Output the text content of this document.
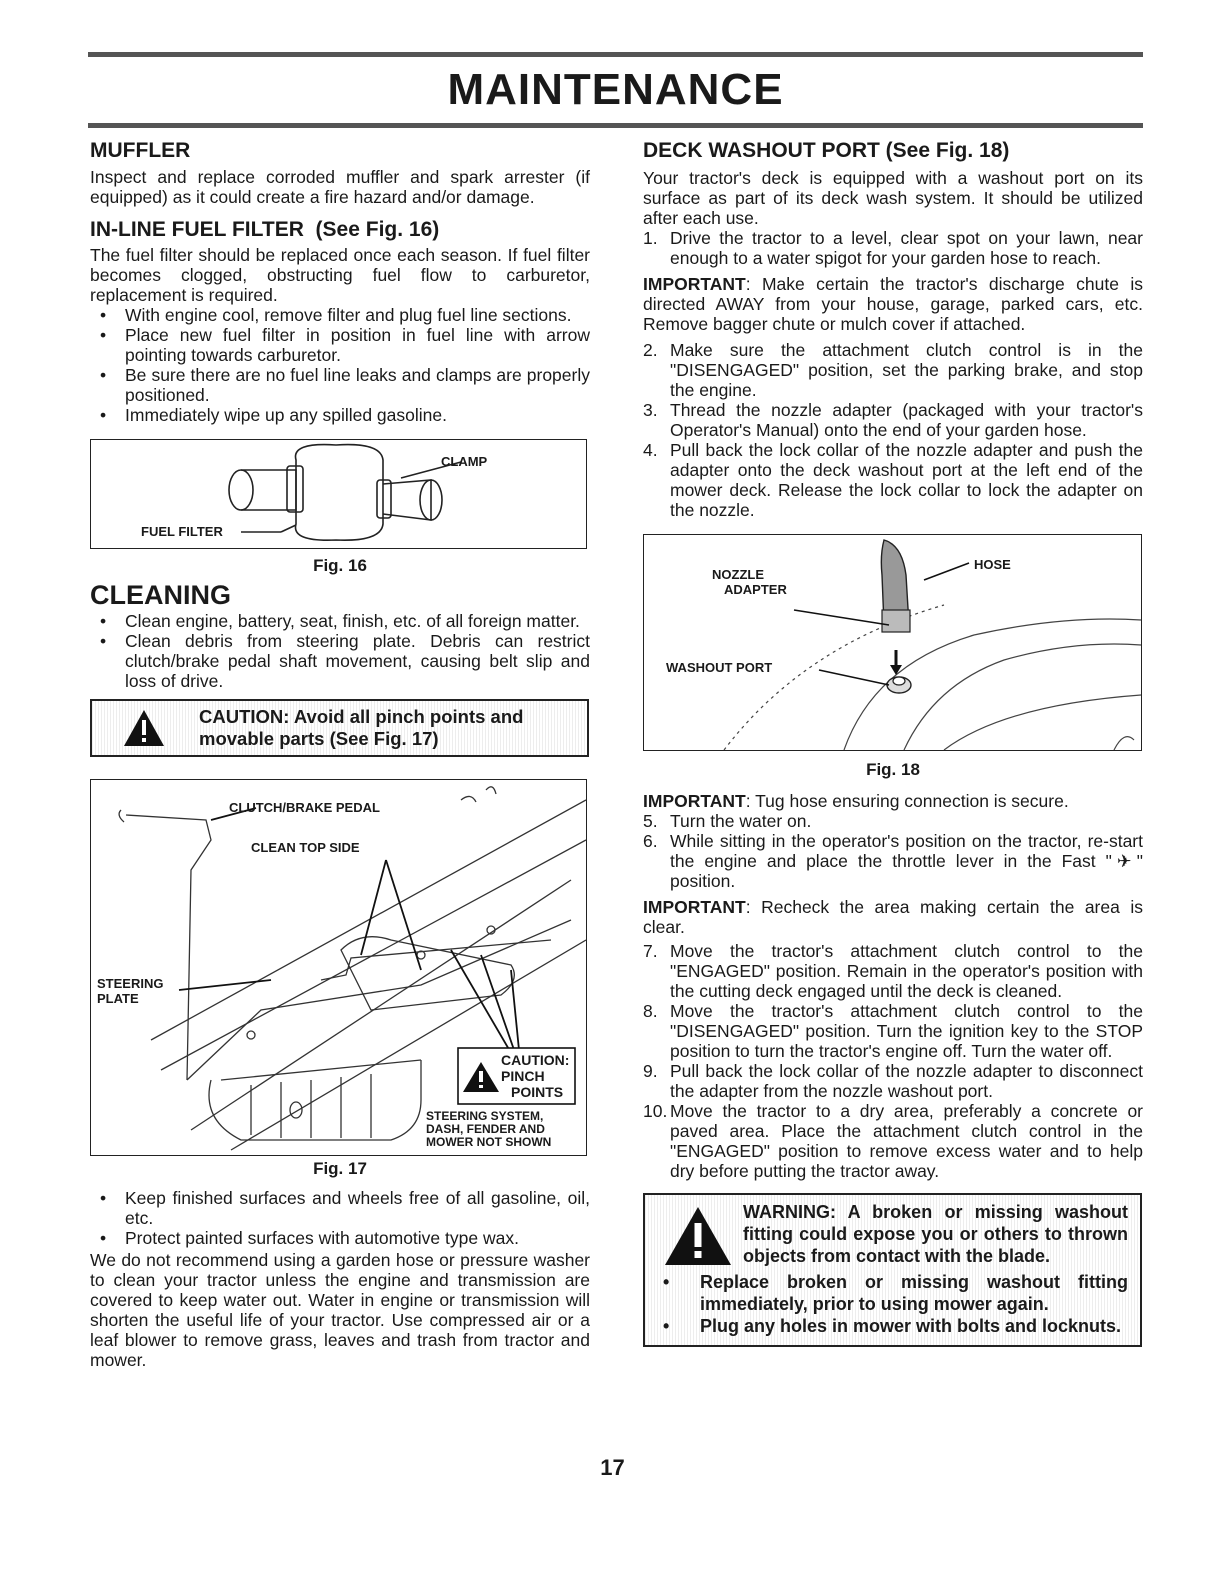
MAINTENANCE
MUFFLER

Inspect and replace corroded muffler and spark arrester (if equipped) as it could create a fire hazard and/or damage.

IN-LINE FUEL FILTER  (See Fig. 16)

The fuel filter should be replaced once each season. If fuel filter becomes clogged, obstructing fuel flow to carburetor, replacement is required.

• With engine cool, remove filter and plug fuel line sections.
• Place new fuel filter in position in fuel line with arrow pointing towards carburetor.
• Be sure there are no fuel line leaks and clamps are properly positioned.
• Immediately wipe up any spilled gasoline.
CLAMP
FUEL FILTER
Fig. 16
CLEANING
• Clean engine, battery, seat, finish, etc. of all foreign matter.
• Clean debris from steering plate. Debris can restrict clutch/brake pedal shaft movement, causing belt slip and loss of drive.
CAUTION: Avoid all pinch points and
movable parts (See Fig. 17)
CLUTCH/BRAKE PEDAL
CLEAN TOP SIDE
STEERING
PLATE
CAUTION:
PINCH
POINTS
STEERING SYSTEM,
DASH, FENDER AND
MOWER NOT SHOWN
Fig. 17
• Keep finished surfaces and wheels free of all gasoline, oil, etc.
• Protect painted surfaces with automotive type wax.

We do not recommend using a garden hose or pressure washer to clean your tractor unless the engine and transmission are covered to keep water out. Water in engine or transmission will shorten the useful life of your tractor. Use compressed air or a leaf blower to remove grass, leaves and trash from tractor and mower.

DECK WASHOUT PORT (See Fig. 18)

Your tractor's deck is equipped with a washout port on its surface as part of its deck wash system. It should be utilized after each use.

1. Drive the tractor to a level, clear spot on your lawn, near enough to a water spigot for your garden hose to reach.

IMPORTANT: Make certain the tractor's discharge chute is directed AWAY from your house, garage, parked cars, etc. Remove bagger chute or mulch cover if attached.

2. Make sure the attachment clutch control is in the "DISENGAGED" position, set the parking brake, and stop the engine.
3. Thread the nozzle adapter (packaged with your tractor's Operator's Manual) onto the end of your garden hose.
4. Pull back the lock collar of the nozzle adapter and push the adapter onto the deck washout port at the left end of the mower deck. Release the lock collar to lock the adapter on the nozzle.
HOSE
NOZZLE
ADAPTER
WASHOUT PORT
Fig. 18

IMPORTANT: Tug hose ensuring connection is secure.

5. Turn the water on.
6. While sitting in the operator's position on the tractor, re-start the engine and place the throttle lever in the Fast "✈" position.

IMPORTANT: Recheck the area making certain the area is clear.

7. Move the tractor's attachment clutch control to the "ENGAGED" position. Remain in the operator's position with the cutting deck engaged until the deck is cleaned.
8. Move the tractor's attachment clutch control to the "DISENGAGED" position. Turn the ignition key to the STOP position to turn the tractor's engine off. Turn the water off.
9. Pull back the lock collar of the nozzle adapter to disconnect the adapter from the nozzle washout port.
10. Move the tractor to a dry area, preferably a concrete or paved area. Place the attachment clutch control in the "ENGAGED" position to remove excess water and to help dry before putting the tractor away.
WARNING: A broken or missing washout fitting could expose you or others to thrown objects from contact with the blade.
• Replace broken or missing washout fitting immediately, prior to using mower again.
• Plug any holes in mower with bolts and locknuts.
17
